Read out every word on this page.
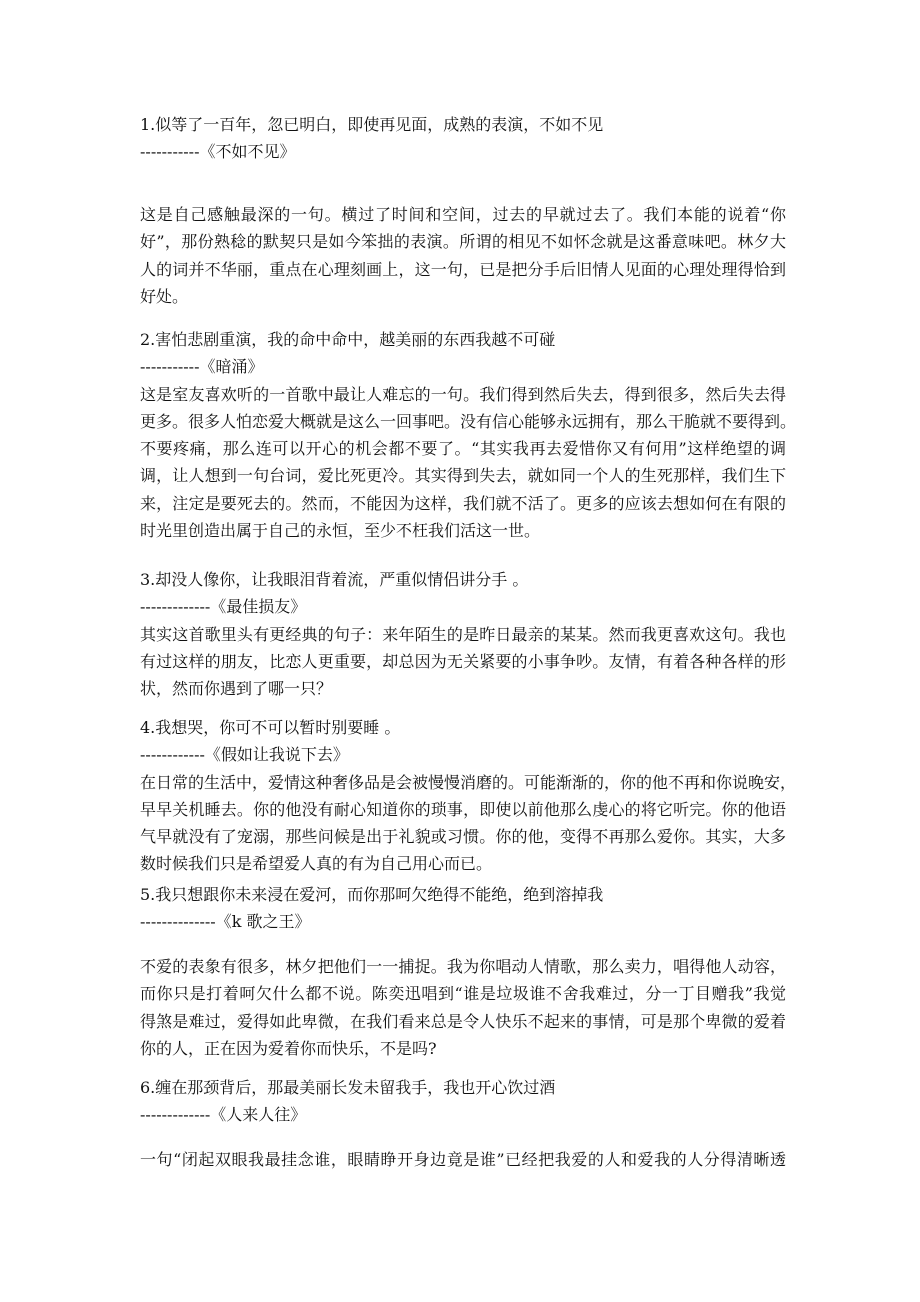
1.似等了一百年，忽已明白，即使再见面，成熟的表演，不如不见
-----------《不如不见》
这是自己感触最深的一句。横过了时间和空间，过去的早就过去了。我们本能的说着“你
好”，那份熟稔的默契只是如今笨拙的表演。所谓的相见不如怀念就是这番意味吧。林夕大
人的词并不华丽，重点在心理刻画上，这一句，已是把分手后旧情人见面的心理处理得恰到
好处。
2.害怕悲剧重演，我的命中命中，越美丽的东西我越不可碰
-----------《暗涌》
这是室友喜欢听的一首歌中最让人难忘的一句。我们得到然后失去，得到很多，然后失去得
更多。很多人怕恋爱大概就是这么一回事吧。没有信心能够永远拥有，那么干脆就不要得到。
不要疼痛，那么连可以开心的机会都不要了。“其实我再去爱惜你又有何用”这样绝望的调
调，让人想到一句台词，爱比死更冷。其实得到失去，就如同一个人的生死那样，我们生下
来，注定是要死去的。然而，不能因为这样，我们就不活了。更多的应该去想如何在有限的
时光里创造出属于自己的永恒，至少不枉我们活这一世。
3.却没人像你，让我眼泪背着流，严重似情侣讲分手 。
-------------《最佳损友》
其实这首歌里头有更经典的句子：来年陌生的是昨日最亲的某某。然而我更喜欢这句。我也
有过这样的朋友，比恋人更重要，却总因为无关紧要的小事争吵。友情，有着各种各样的形
状，然而你遇到了哪一只？
4.我想哭，你可不可以暂时别要睡 。
------------《假如让我说下去》
在日常的生活中，爱情这种奢侈品是会被慢慢消磨的。可能渐渐的，你的他不再和你说晚安，
早早关机睡去。你的他没有耐心知道你的琐事，即使以前他那么虔心的将它听完。你的他语
气早就没有了宠溺，那些问候是出于礼貌或习惯。你的他，变得不再那么爱你。其实，大多
数时候我们只是希望爱人真的有为自己用心而已。
5.我只想跟你未来浸在爱河，而你那呵欠绝得不能绝，绝到溶掉我
--------------《k 歌之王》
不爱的表象有很多，林夕把他们一一捕捉。我为你唱动人情歌，那么卖力，唱得他人动容，
而你只是打着呵欠什么都不说。陈奕迅唱到“谁是垃圾谁不舍我难过，分一丁目赠我”我觉
得煞是难过，爱得如此卑微，在我们看来总是令人快乐不起来的事情，可是那个卑微的爱着
你的人，正在因为爱着你而快乐，不是吗?
6.缠在那颈背后，那最美丽长发未留我手，我也开心饮过酒
-------------《人来人往》
一句“闭起双眼我最挂念谁，眼睛睁开身边竟是谁”已经把我爱的人和爱我的人分得清晰透
